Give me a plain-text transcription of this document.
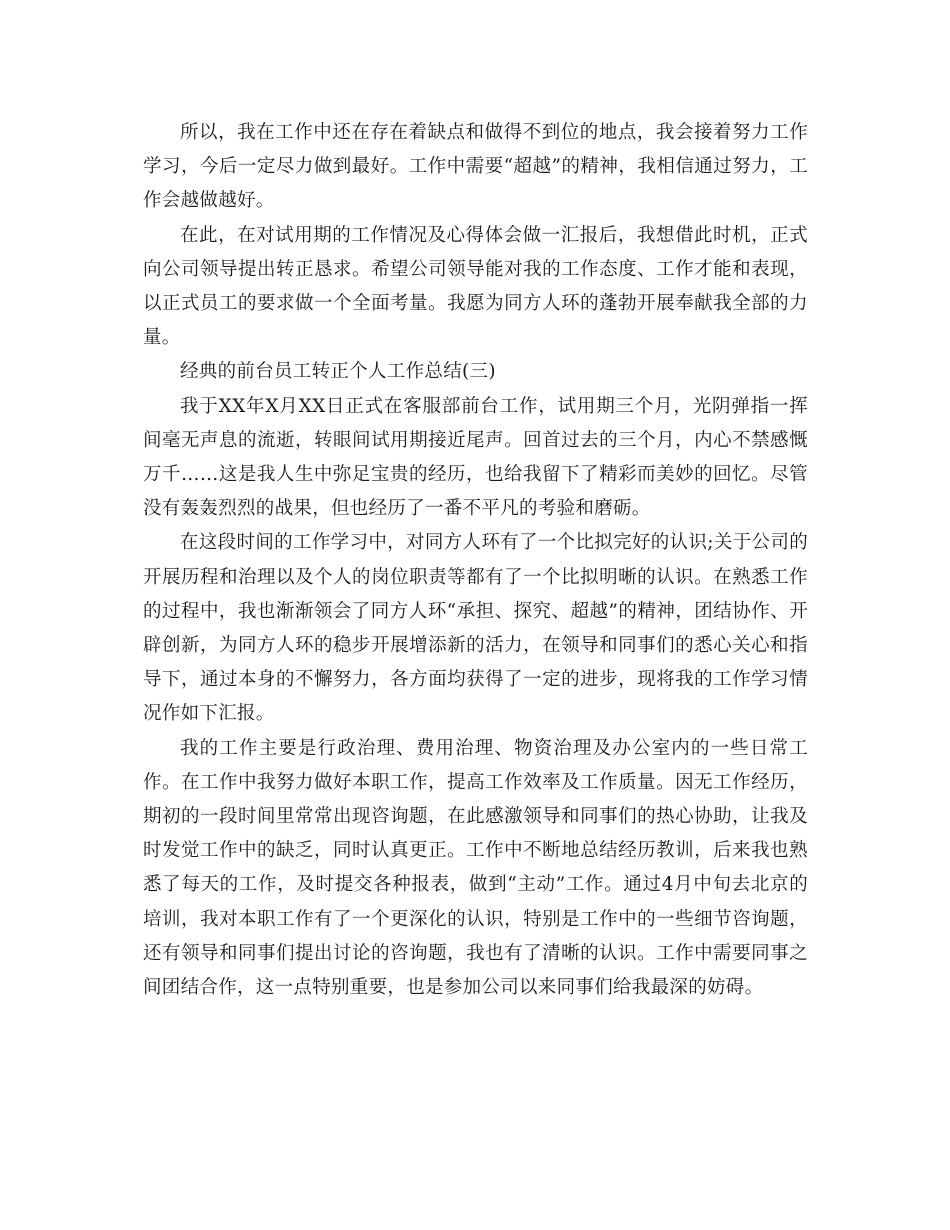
所以，我在工作中还在存在着缺点和做得不到位的地点，我会接着努力工作学习，今后一定尽力做到最好。工作中需要“超越”的精神，我相信通过努力，工作会越做越好。

在此，在对试用期的工作情况及心得体会做一汇报后，我想借此时机，正式向公司领导提出转正恳求。希望公司领导能对我的工作态度、工作才能和表现，以正式员工的要求做一个全面考量。我愿为同方人环的蓬勃开展奉献我全部的力量。

经典的前台员工转正个人工作总结(三)

我于XX年X月XX日正式在客服部前台工作，试用期三个月，光阴弹指一挥间毫无声息的流逝，转眼间试用期接近尾声。回首过去的三个月，内心不禁感慨万千……这是我人生中弥足宝贵的经历，也给我留下了精彩而美妙的回忆。尽管没有轰轰烈烈的战果，但也经历了一番不平凡的考验和磨砺。

在这段时间的工作学习中，对同方人环有了一个比拟完好的认识;关于公司的开展历程和治理以及个人的岗位职责等都有了一个比拟明晰的认识。在熟悉工作的过程中，我也渐渐领会了同方人环“承担、探究、超越”的精神，团结协作、开辟创新，为同方人环的稳步开展增添新的活力，在领导和同事们的悉心关心和指导下，通过本身的不懈努力，各方面均获得了一定的进步，现将我的工作学习情况作如下汇报。

我的工作主要是行政治理、费用治理、物资治理及办公室内的一些日常工作。在工作中我努力做好本职工作，提高工作效率及工作质量。因无工作经历，期初的一段时间里常常出现咨询题，在此感激领导和同事们的热心协助，让我及时发觉工作中的缺乏，同时认真更正。工作中不断地总结经历教训，后来我也熟悉了每天的工作，及时提交各种报表，做到“主动”工作。通过4月中旬去北京的培训，我对本职工作有了一个更深化的认识，特别是工作中的一些细节咨询题，还有领导和同事们提出讨论的咨询题，我也有了清晰的认识。工作中需要同事之间团结合作，这一点特别重要，也是参加公司以来同事们给我最深的妨碍。
